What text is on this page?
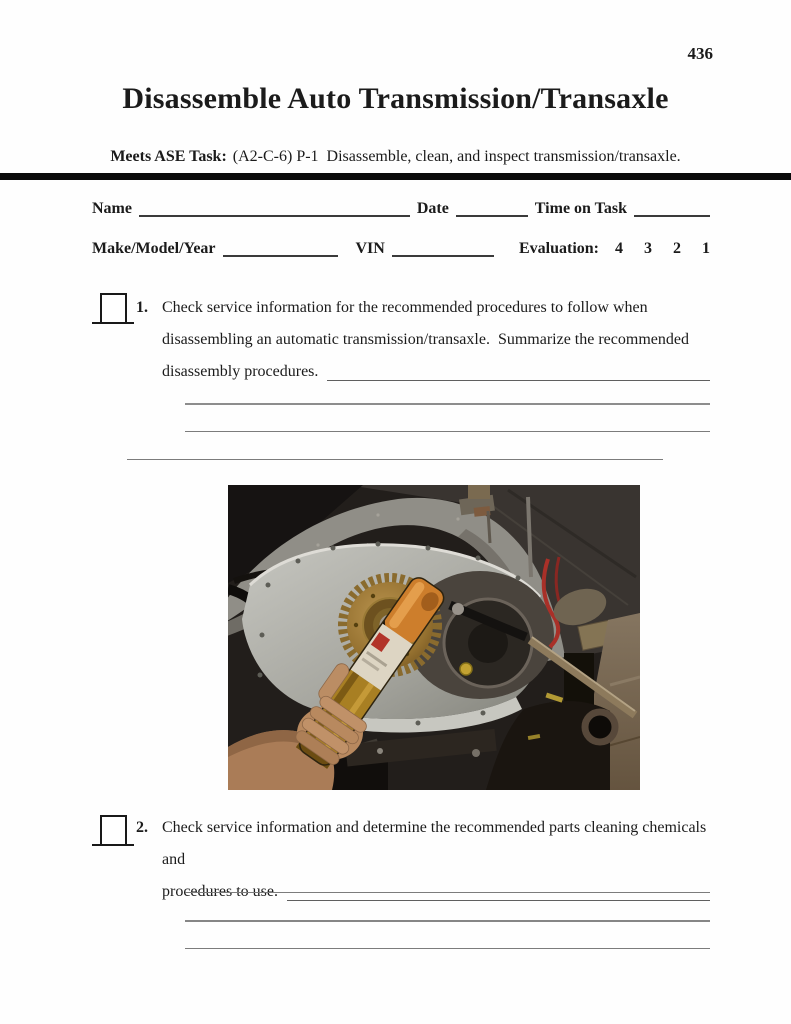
436
Disassemble Auto Transmission/Transaxle
Meets ASE Task: (A2-C-6) P-1  Disassemble, clean, and inspect transmission/transaxle.
Name	Date	Time on Task
Make/Model/Year	VIN	Evaluation: 4 3 2 1
1. Check service information for the recommended procedures to follow when
disassembling an automatic transmission/transaxle.  Summarize the recommended
disassembly procedures.
2. Check service information and determine the recommended parts cleaning chemicals and
procedures to use.
